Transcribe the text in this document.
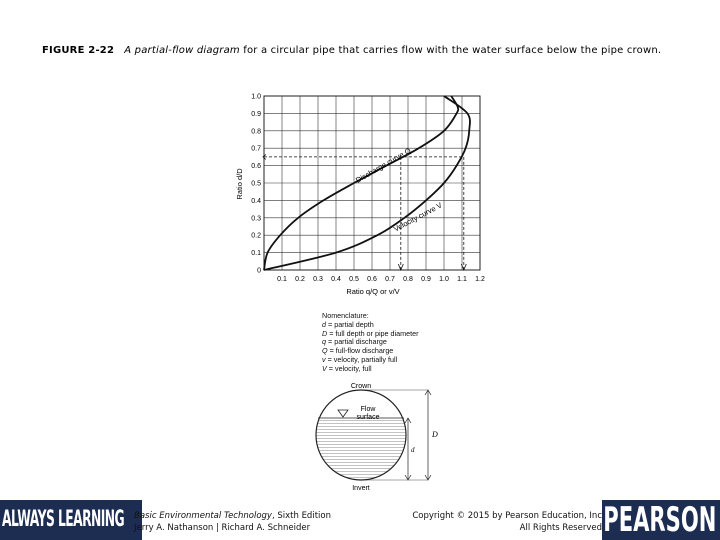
FIGURE 2-22 A partial-flow diagram for a circular pipe that carries flow with the water surface below the pipe crown.
0.1 0.2 0.3 0.4 0.5 0.6 0.7 0.8 0.9 1.0 1.1 1.2
0
0.1
0.2
0.3
0.4
0.5
0.6
0.7
0.8
0.9
1.0
Discharge curve Q
Velocity curve V
Ratio d/D
Ratio q/Q or v/V
Nomenclature:
d = partial depth
D = full depth or pipe diameter
q = partial discharge
Q = full-flow discharge
v = velocity, partially full
V = velocity, full
Crown
Flow
surface
Invert
D
d
ALWAYS LEARNING	Basic Environmental Technology, Sixth Edition
Jerry A. Nathanson | Richard A. Schneider
Copyright © 2015 by Pearson Education, Inc
All Rights Reserved PEARSON
